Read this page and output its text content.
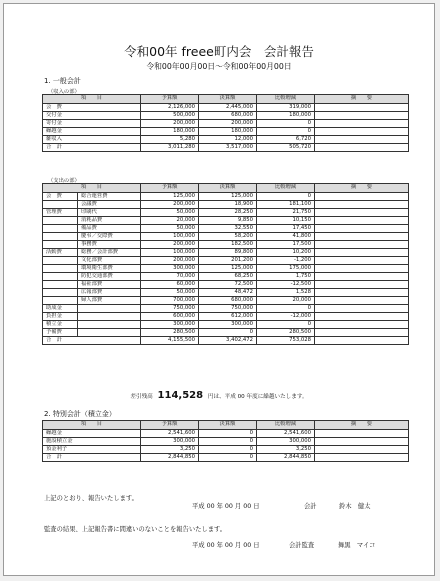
令和00年 freee町内会　会計報告
令和00年00月00日～令和00年00月00日
1. 一般会計
（収入の部）
項　　目	予算額	決算額	比較増減	摘　　要
会　費	2,126,000	2,445,000	319,000	
交付金	500,000	680,000	180,000	
寄付金	200,000	200,000	0	
繰越金	180,000	180,000	0	
雑収入	5,280	12,000	6,720	
合　計	3,011,280	3,517,000	505,720	
（支出の部）
項　　目		予算額	決算額	比較増減	摘　　要
会　費	総合運営費	125,000	125,000	0	
	会議費	200,000	18,900	181,100	
管理費	印刷代	50,000	28,250	21,750	
	消耗品費	20,000	9,850	10,150	
	備品費	50,000	32,550	17,450	
	慶弔／交際費	100,000	58,200	41,800	
	事務費	200,000	182,500	17,500	
活動費	総務／会計部費	100,000	89,800	10,200	
	文化部費	200,000	201,200	-1,200	
	環境衛生部費	300,000	125,000	175,000	
	防犯交通部費	70,000	68,250	1,750	
	福祉部費	60,000	72,500	-12,500	
	広報部費	50,000	48,472	1,528	
	婦人部費	700,000	680,000	20,000	
助成金		750,000	750,000	0	
負担金		600,000	612,000	-12,000	
積立金		300,000	300,000	0	
予備費		280,500	0	280,500	
合　計		4,155,500	3,402,472	753,028	
差引残高 114,528 円は、平成 00 年度に繰越いたします。
2. 特別会計（積立金）
項　　目	予算額	決算額	比較増減	摘　　要
繰越金	2,541,600	0	2,541,600	
施設積立金	300,000	0	300,000	
預金利子	3,250	0	3,250	
合　計	2,844,850	0	2,844,850	
上記のとおり、報告いたします。
平成 00 年 00 月 00 日	会計	鈴木　健太
監査の結果、上記報告書に間違いのないことを報告いたします。
平成 00 年 00 月 00 日	会計監査	舞黒　マイコ
